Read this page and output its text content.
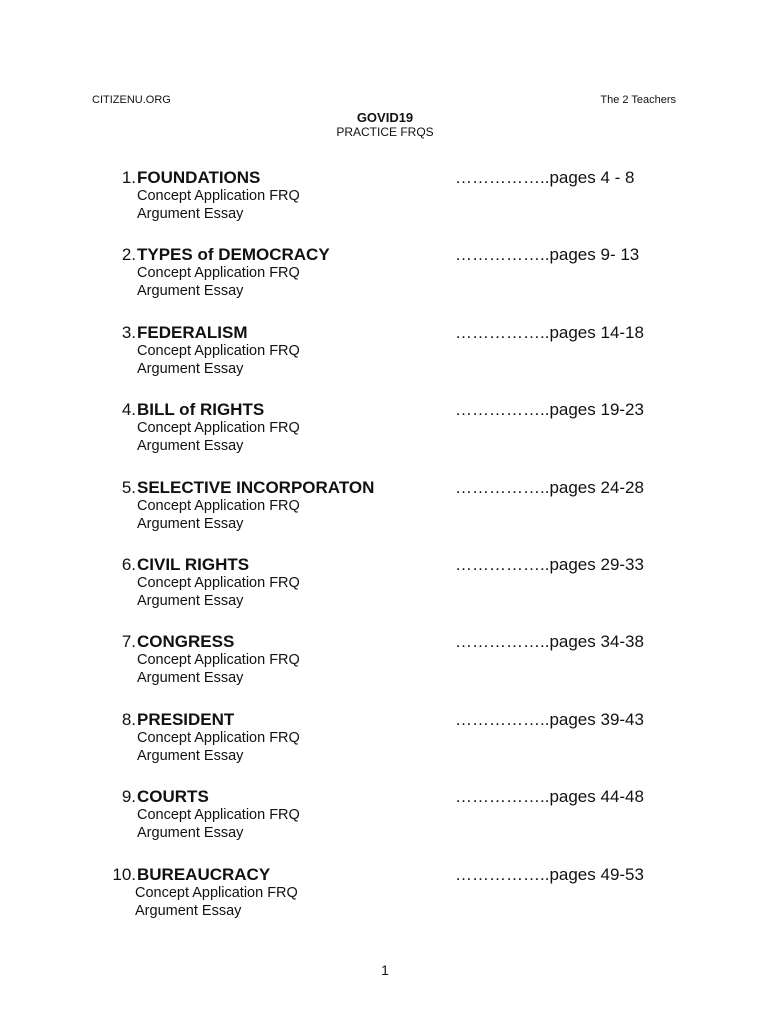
CITIZENU.ORG	The 2 Teachers
GOVID19
PRACTICE FRQS
1. FOUNDATIONS
Concept Application FRQ
Argument Essay
……………..pages 4 - 8
2. TYPES of DEMOCRACY
Concept Application FRQ
Argument Essay
……………..pages 9- 13
3. FEDERALISM
Concept Application FRQ
Argument Essay
……………..pages 14-18
4. BILL of RIGHTS
Concept Application FRQ
Argument Essay
……………..pages 19-23
5. SELECTIVE INCORPORATON
Concept Application FRQ
Argument Essay
……………..pages 24-28
6. CIVIL RIGHTS
Concept Application FRQ
Argument Essay
……………..pages 29-33
7. CONGRESS
Concept Application FRQ
Argument Essay
……………..pages 34-38
8. PRESIDENT
Concept Application FRQ
Argument Essay
……………..pages 39-43
9. COURTS
Concept Application FRQ
Argument Essay
……………..pages 44-48
10. BUREAUCRACY
Concept Application FRQ
Argument Essay
……………..pages 49-53
1
